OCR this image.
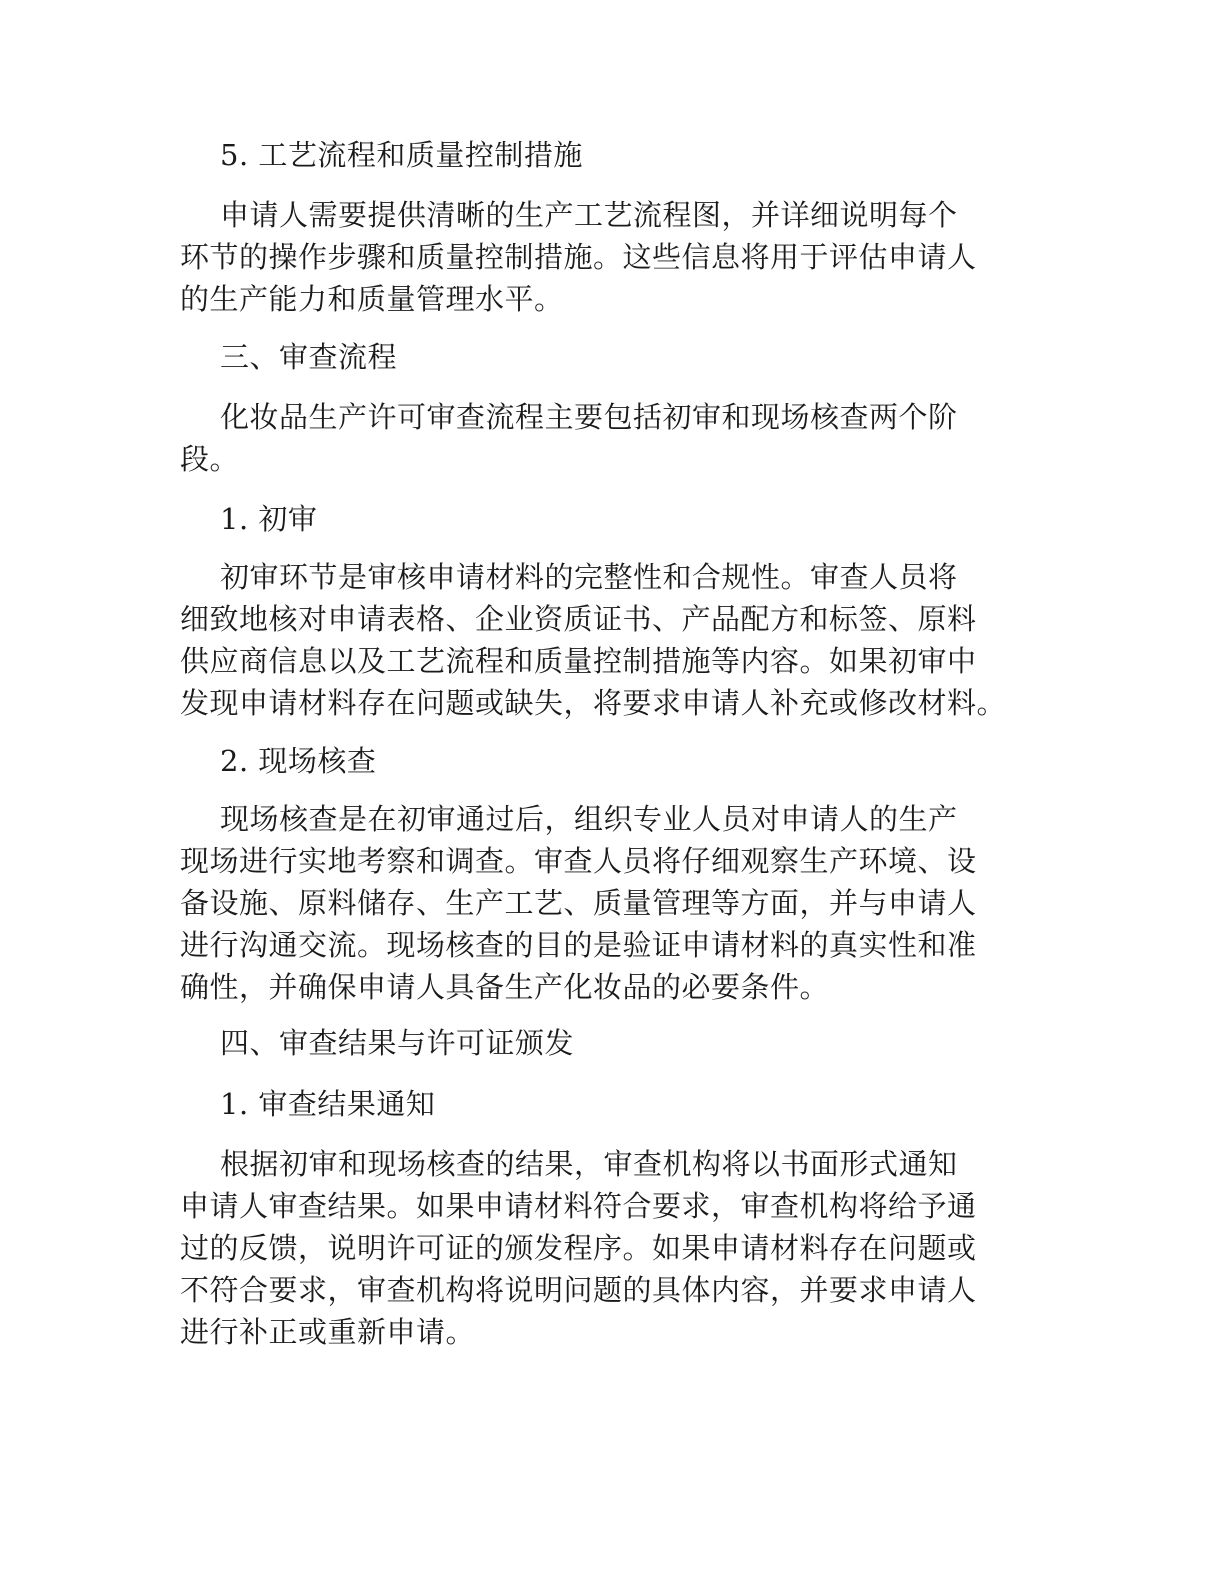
5. 工艺流程和质量控制措施

申请人需要提供清晰的生产工艺流程图，并详细说明每个
环节的操作步骤和质量控制措施。这些信息将用于评估申请人
的生产能力和质量管理水平。

三、审查流程

化妆品生产许可审查流程主要包括初审和现场核查两个阶
段。

1. 初审

初审环节是审核申请材料的完整性和合规性。审查人员将
细致地核对申请表格、企业资质证书、产品配方和标签、原料
供应商信息以及工艺流程和质量控制措施等内容。如果初审中
发现申请材料存在问题或缺失，将要求申请人补充或修改材料。

2. 现场核查

现场核查是在初审通过后，组织专业人员对申请人的生产
现场进行实地考察和调查。审查人员将仔细观察生产环境、设
备设施、原料储存、生产工艺、质量管理等方面，并与申请人
进行沟通交流。现场核查的目的是验证申请材料的真实性和准
确性，并确保申请人具备生产化妆品的必要条件。

四、审查结果与许可证颁发

1. 审查结果通知

根据初审和现场核查的结果，审查机构将以书面形式通知
申请人审查结果。如果申请材料符合要求，审查机构将给予通
过的反馈，说明许可证的颁发程序。如果申请材料存在问题或
不符合要求，审查机构将说明问题的具体内容，并要求申请人
进行补正或重新申请。
